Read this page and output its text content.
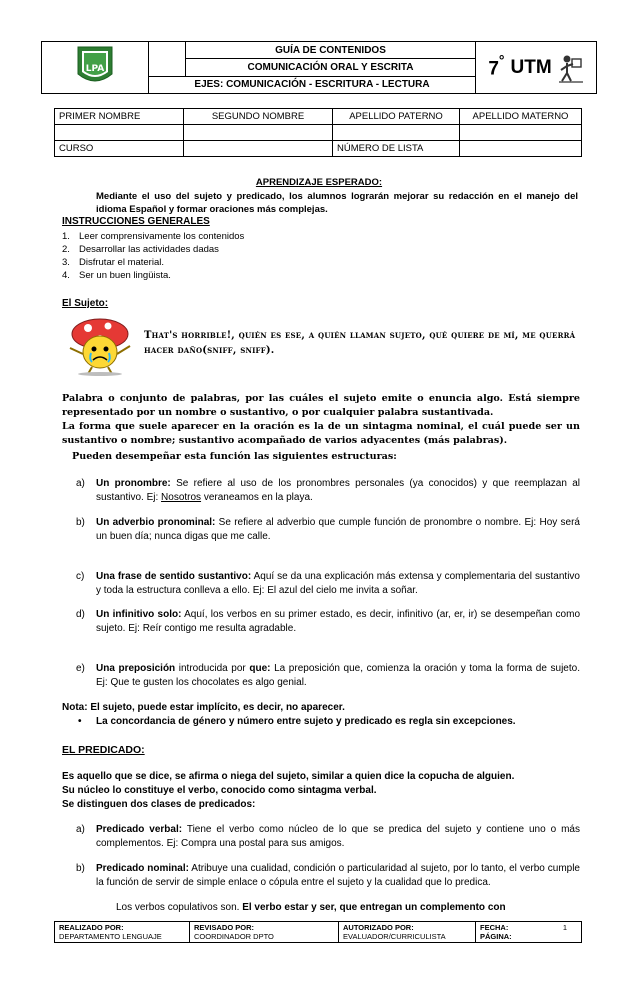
LPA
		GUÍA DE CONTENIDOS	
7° UTM

COMUNICACIÓN ORAL Y ESCRITA
EJES: COMUNICACIÓN - ESCRITURA - LECTURA
PRIMER NOMBRE	SEGUNDO NOMBRE	APELLIDO PATERNO	APELLIDO MATERNO

CURSO		NÚMERO DE LISTA	
APRENDIZAJE ESPERADO:
Mediante el uso del sujeto y predicado, los alumnos lograrán mejorar su redacción en el manejo del idioma Español y formar oraciones más complejas.
INSTRUCCIONES GENERALES
1. Leer comprensivamente los contenidos
2. Desarrollar las actividades dadas
3. Disfrutar el material.
4. Ser un buen lingüista.
El Sujeto:
That's horrible!, quién es ese, a quién llaman sujeto, qué quiere de mí, me querrá hacer daño(sniff, sniff).
Palabra o conjunto de palabras, por las cuáles el sujeto emite o enuncia algo. Está siempre representado por un nombre o sustantivo, o por cualquier palabra sustantivada.
La forma que suele aparecer en la oración es la de un sintagma nominal, el cuál puede ser un sustantivo o nombre; sustantivo acompañado de varios adyacentes (más palabras).
Pueden desempeñar esta función las siguientes estructuras:
a) Un pronombre: Se refiere al uso de los pronombres personales (ya conocidos) y que reemplazan al sustantivo. Ej: Nosotros veraneamos en la playa.
b) Un adverbio pronominal: Se refiere al adverbio que cumple función de pronombre o nombre. Ej: Hoy será un buen día; nunca digas que me calle.
c) Una frase de sentido sustantivo: Aquí se da una explicación más extensa y complementaria del sustantivo y toda la estructura conlleva a ello. Ej: El azul del cielo me invita a soñar.
d) Un infinitivo solo: Aquí, los verbos en su primer estado, es decir, infinitivo (ar, er, ir) se desempeñan como sujeto. Ej: Reír contigo me resulta agradable.
e) Una preposición introducida por que: La preposición que, comienza la oración y toma la forma de sujeto. Ej: Que te gusten los chocolates es algo genial.
Nota: El sujeto, puede estar implícito, es decir, no aparecer.
• La concordancia de género y número entre sujeto y predicado es regla sin excepciones.
EL PREDICADO:
Es aquello que se dice, se afirma o niega del sujeto, similar a quien dice la copucha de alguien.
Su núcleo lo constituye el verbo, conocido como sintagma verbal.
Se distinguen dos clases de predicados:
a) Predicado verbal: Tiene el verbo como núcleo de lo que se predica del sujeto y contiene uno o más complementos. Ej: Compra una postal para sus amigos.
b) Predicado nominal: Atribuye una cualidad, condición o particularidad al sujeto, por lo tanto, el verbo cumple la función de servir de simple enlace o cópula entre el sujeto y la cualidad que lo predica.
Los verbos copulativos son. El verbo estar y ser, que entregan un complemento con
REALIZADO POR:
DEPARTAMENTO LENGUAJE

REVISADO POR:
COORDINADOR DPTO

AUTORIZADO POR:
EVALUADOR/CURRICULISTA

FECHA:	1
PÁGINA:
